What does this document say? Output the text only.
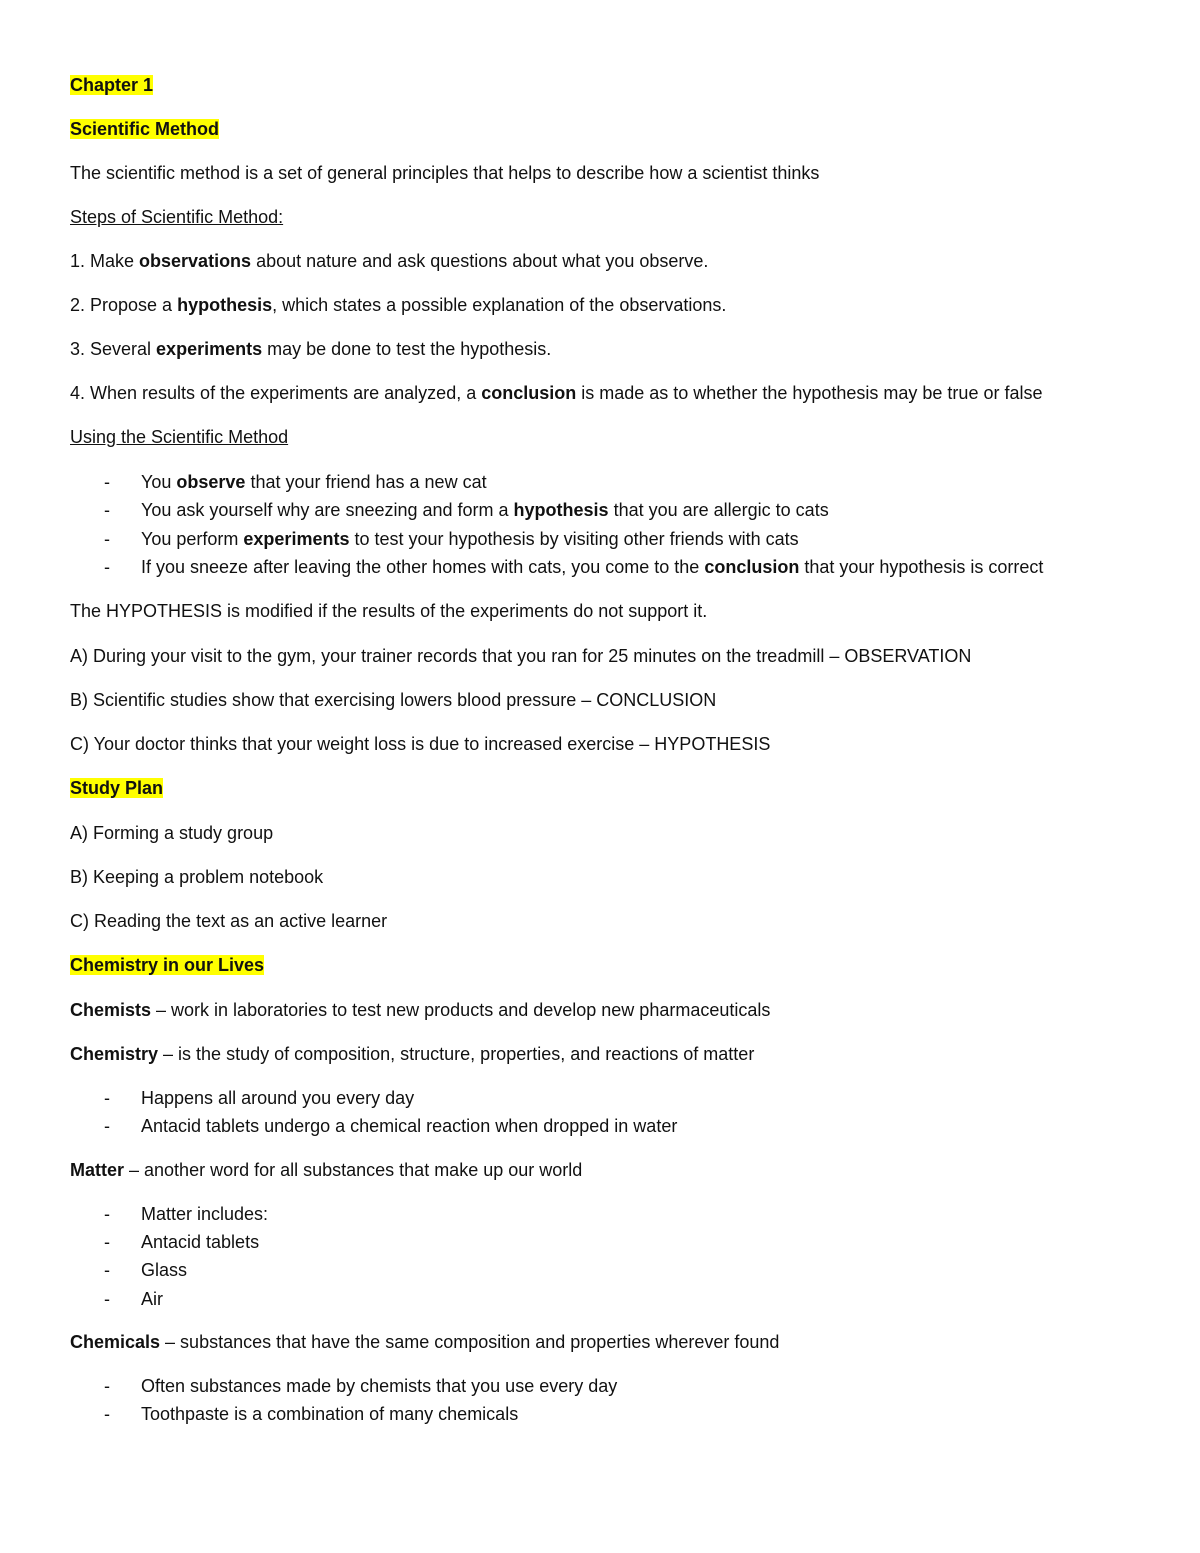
Chapter 1

Scientific Method

The scientific method is a set of general principles that helps to describe how a scientist thinks

Steps of Scientific Method:

1. Make observations about nature and ask questions about what you observe.

2. Propose a hypothesis, which states a possible explanation of the observations.

3. Several experiments may be done to test the hypothesis.

4. When results of the experiments are analyzed, a conclusion is made as to whether the hypothesis may be true or false

Using the Scientific Method

- You observe that your friend has a new cat
- You ask yourself why are sneezing and form a hypothesis that you are allergic to cats
- You perform experiments to test your hypothesis by visiting other friends with cats
- If you sneeze after leaving the other homes with cats, you come to the conclusion that your hypothesis is correct

The HYPOTHESIS is modified if the results of the experiments do not support it.

A) During your visit to the gym, your trainer records that you ran for 25 minutes on the treadmill – OBSERVATION

B) Scientific studies show that exercising lowers blood pressure – CONCLUSION

C) Your doctor thinks that your weight loss is due to increased exercise – HYPOTHESIS

Study Plan

A) Forming a study group

B) Keeping a problem notebook

C) Reading the text as an active learner

Chemistry in our Lives

Chemists – work in laboratories to test new products and develop new pharmaceuticals

Chemistry – is the study of composition, structure, properties, and reactions of matter

- Happens all around you every day
- Antacid tablets undergo a chemical reaction when dropped in water

Matter – another word for all substances that make up our world

- Matter includes:
- Antacid tablets
- Glass
- Air

Chemicals – substances that have the same composition and properties wherever found

- Often substances made by chemists that you use every day
- Toothpaste is a combination of many chemicals
